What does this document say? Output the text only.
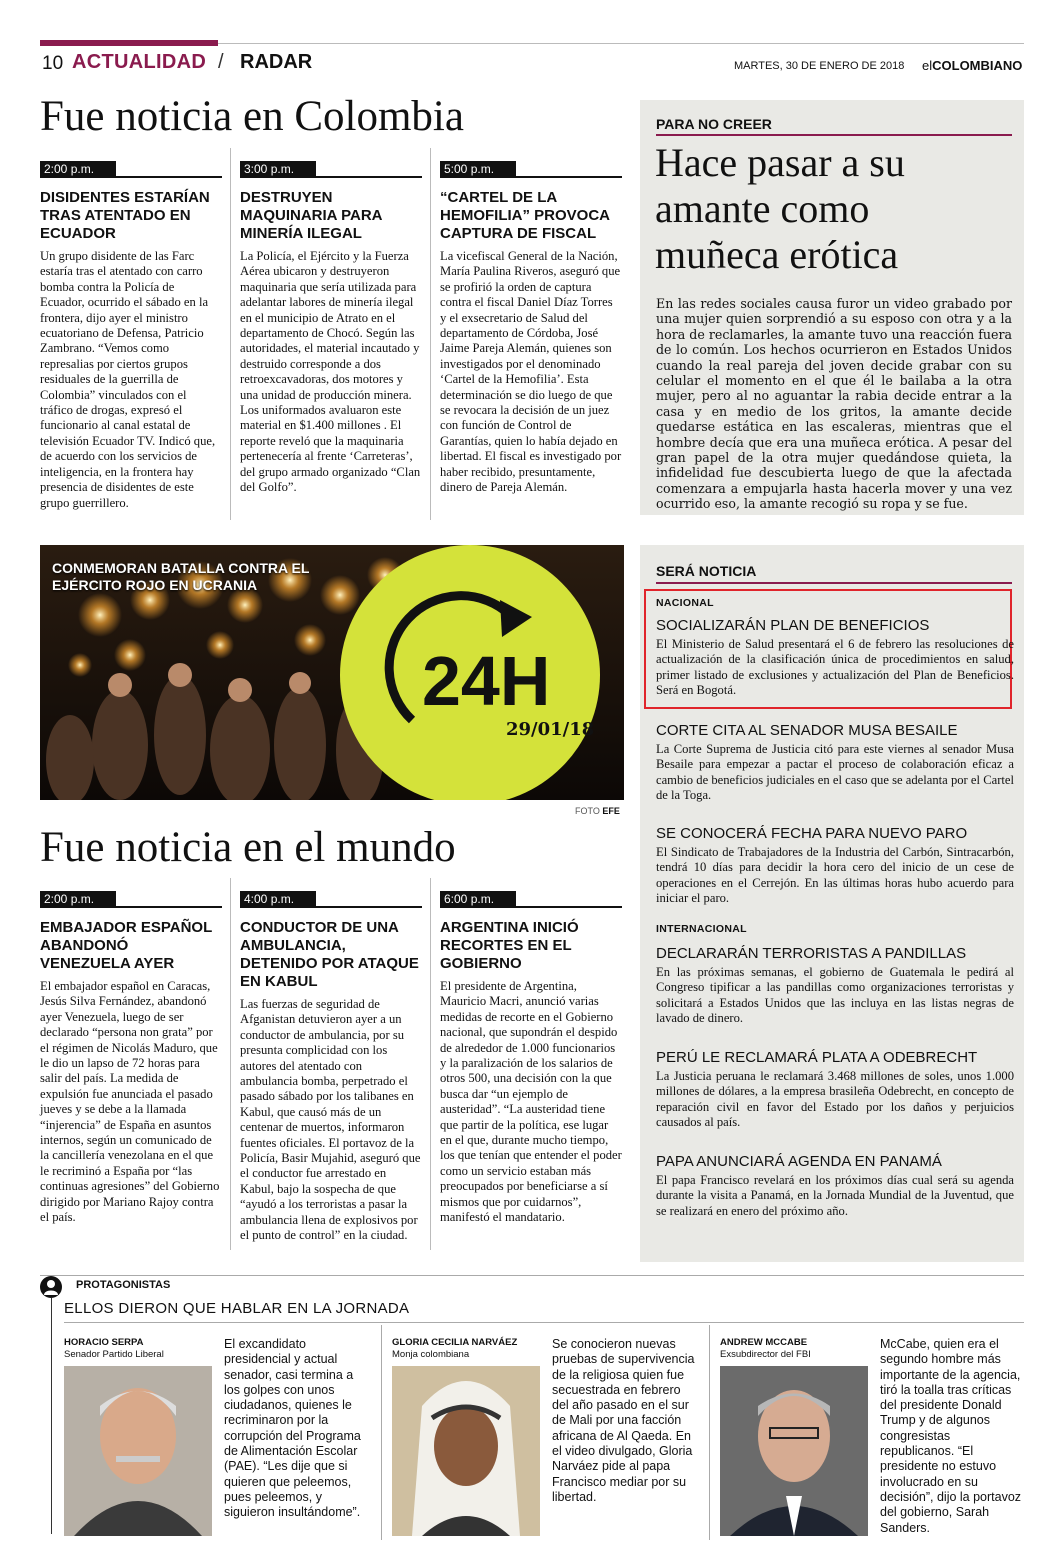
10 ACTUALIDAD / RADAR	MARTES, 30 DE ENERO DE 2018 elCOLOMBIANO
Fue noticia en Colombia
2:00 p.m.
DISIDENTES ESTARÍAN TRAS ATENTADO EN ECUADOR

Un grupo disidente de las Farc estaría tras el atentado con carro bomba contra la Policía de Ecuador, ocurrido el sábado en la frontera, dijo ayer el ministro ecuatoriano de Defensa, Patricio Zambrano. “Vemos como represalias por ciertos grupos residuales de la guerrilla de Colombia” vinculados con el tráfico de drogas, expresó el funcionario al canal estatal de televisión Ecuador TV. Indicó que, de acuerdo con los servicios de inteligencia, en la frontera hay presencia de disidentes de este grupo guerrillero.

3:00 p.m.
DESTRUYEN MAQUINARIA PARA MINERÍA ILEGAL

La Policía, el Ejército y la Fuerza Aérea ubicaron y destruyeron maquinaria que sería utilizada para adelantar labores de minería ilegal en el municipio de Atrato en el departamento de Chocó. Según las autoridades, el material incautado y destruido corresponde a dos retroexcavadoras, dos motores y una unidad de producción minera. Los uniformados avaluaron este material en $1.400 millones . El reporte reveló que la maquinaria pertenecería al frente ‘Carreteras’, del grupo armado organizado “Clan del Golfo”.

5:00 p.m.
“CARTEL DE LA HEMOFILIA” PROVOCA CAPTURA DE FISCAL

La vicefiscal General de la Nación, María Paulina Riveros, aseguró que se profirió la orden de captura contra el fiscal Daniel Díaz Torres y el exsecretario de Salud del departamento de Córdoba, José Jaime Pareja Alemán, quienes son investigados por el denominado ‘Cartel de la Hemofilia’. Esta determinación se dio luego de que se revocara la decisión de un juez con función de Control de Garantías, quien lo había dejado en libertad. El fiscal es investigado por haber recibido, presuntamente, dinero de Pareja Alemán.

PARA NO CREER
Hace pasar a su amante como muñeca erótica

En las redes sociales causa furor un video grabado por una mujer quien sorprendió a su esposo con otra y a la hora de reclamarles, la amante tuvo una reacción fuera de lo común. Los hechos ocurrieron en Estados Unidos cuando la real pareja del joven decide grabar con su celular el momento en el que él le bailaba a la otra mujer, pero al no aguantar la rabia decide entrar a la casa y en medio de los gritos, la amante decide quedarse estática en las escaleras, mientras que el hombre decía que era una muñeca erótica. A pesar del gran papel de la otra mujer quedándose quieta, la infidelidad fue descubierta luego de que la afectada comenzara a empujarla hasta hacerla mover y una vez ocurrido eso, la amante recogió su ropa y se fue.

24H
29/01/18
CONMEMORAN BATALLA CONTRA EL EJÉRCITO ROJO EN UCRANIA
FOTO EFE
SERÁ NOTICIA
NACIONAL
SOCIALIZARÁN PLAN DE BENEFICIOS

El Ministerio de Salud presentará el 6 de febrero las resoluciones de actualización de la clasificación única de procedimientos en salud, primer listado de exclusiones y actualización del Plan de Beneficios. Será en Bogotá.

CORTE CITA AL SENADOR MUSA BESAILE

La Corte Suprema de Justicia citó para este viernes al senador Musa Besaile para empezar a pactar el proceso de colaboración eficaz a cambio de beneficios judiciales en el caso que se adelanta por el Cartel de la Toga.

SE CONOCERÁ FECHA PARA NUEVO PARO

El Sindicato de Trabajadores de la Industria del Carbón, Sintracarbón, tendrá 10 días para decidir la hora cero del inicio de un cese de operaciones en el Cerrejón. En las últimas horas hubo acuerdo para iniciar el paro.

INTERNACIONAL
DECLARARÁN TERRORISTAS A PANDILLAS

En las próximas semanas, el gobierno de Guatemala le pedirá al Congreso tipificar a las pandillas como organizaciones terroristas y solicitará a Estados Unidos que las incluya en las listas negras de lavado de dinero.

PERÚ LE RECLAMARÁ PLATA A ODEBRECHT

La Justicia peruana le reclamará 3.468 millones de soles, unos 1.000 millones de dólares, a la empresa brasileña Odebrecht, en concepto de reparación civil en favor del Estado por los daños y perjuicios causados al país.

PAPA ANUNCIARÁ AGENDA EN PANAMÁ

El papa Francisco revelará en los próximos días cual será su agenda durante la visita a Panamá, en la Jornada Mundial de la Juventud, que se realizará en enero del próximo año.

Fue noticia en el mundo
2:00 p.m.
EMBAJADOR ESPAÑOL ABANDONÓ VENEZUELA AYER

El embajador español en Caracas, Jesús Silva Fernández, abandonó ayer Venezuela, luego de ser declarado “persona non grata” por el régimen de Nicolás Maduro, que le dio un lapso de 72 horas para salir del país. La medida de expulsión fue anunciada el pasado jueves y se debe a la llamada “injerencia” de España en asuntos internos, según un comunicado de la cancillería venezolana en el que le recriminó a España por “las continuas agresiones” del Gobierno dirigido por Mariano Rajoy contra el país.

4:00 p.m.
CONDUCTOR DE UNA AMBULANCIA, DETENIDO POR ATAQUE EN KABUL

Las fuerzas de seguridad de Afganistan detuvieron ayer a un conductor de ambulancia, por su presunta complicidad con los autores del atentado con ambulancia bomba, perpetrado el pasado sábado por los talibanes en Kabul, que causó más de un centenar de muertos, informaron fuentes oficiales. El portavoz de la Policía, Basir Mujahid, aseguró que el conductor fue arrestado en Kabul, bajo la sospecha de que “ayudó a los terroristas a pasar la ambulancia llena de explosivos por el punto de control” en la ciudad.

6:00 p.m.
ARGENTINA INICIÓ RECORTES EN EL GOBIERNO

El presidente de Argentina, Mauricio Macri, anunció varias medidas de recorte en el Gobierno nacional, que supondrán el despido de alrededor de 1.000 funcionarios y la paralización de los salarios de otros 500, una decisión con la que busca dar “un ejemplo de austeridad”. “La austeridad tiene que partir de la política, ese lugar en el que, durante mucho tiempo, los que tenían que entender el poder como un servicio estaban más preocupados por beneficiarse a sí mismos que por cuidarnos”, manifestó el mandatario.

PROTAGONISTAS
ELLOS DIERON QUE HABLAR EN LA JORNADA
HORACIO SERPA
Senador Partido Liberal
El excandidato presidencial y actual senador, casi termina a los golpes con unos ciudadanos, quienes le recriminaron por la corrupción del Programa de Alimentación Escolar (PAE). “Les dije que si quieren que peleemos, pues peleemos, y siguieron insultándome”.
GLORIA CECILIA NARVÁEZ
Monja colombiana
Se conocieron nuevas pruebas de supervivencia de la religiosa quien fue secuestrada en febrero del año pasado en el sur de Mali por una facción africana de Al Qaeda. En el video divulgado, Gloria Narváez pide al papa Francisco mediar por su libertad.
ANDREW MCCABE
Exsubdirector del FBI
McCabe, quien era el segundo hombre más importante de la agencia, tiró la toalla tras críticas del presidente Donald Trump y de algunos congresistas republicanos. “El presidente no estuvo involucrado en su decisión”, dijo la portavoz del gobierno, Sarah Sanders.
